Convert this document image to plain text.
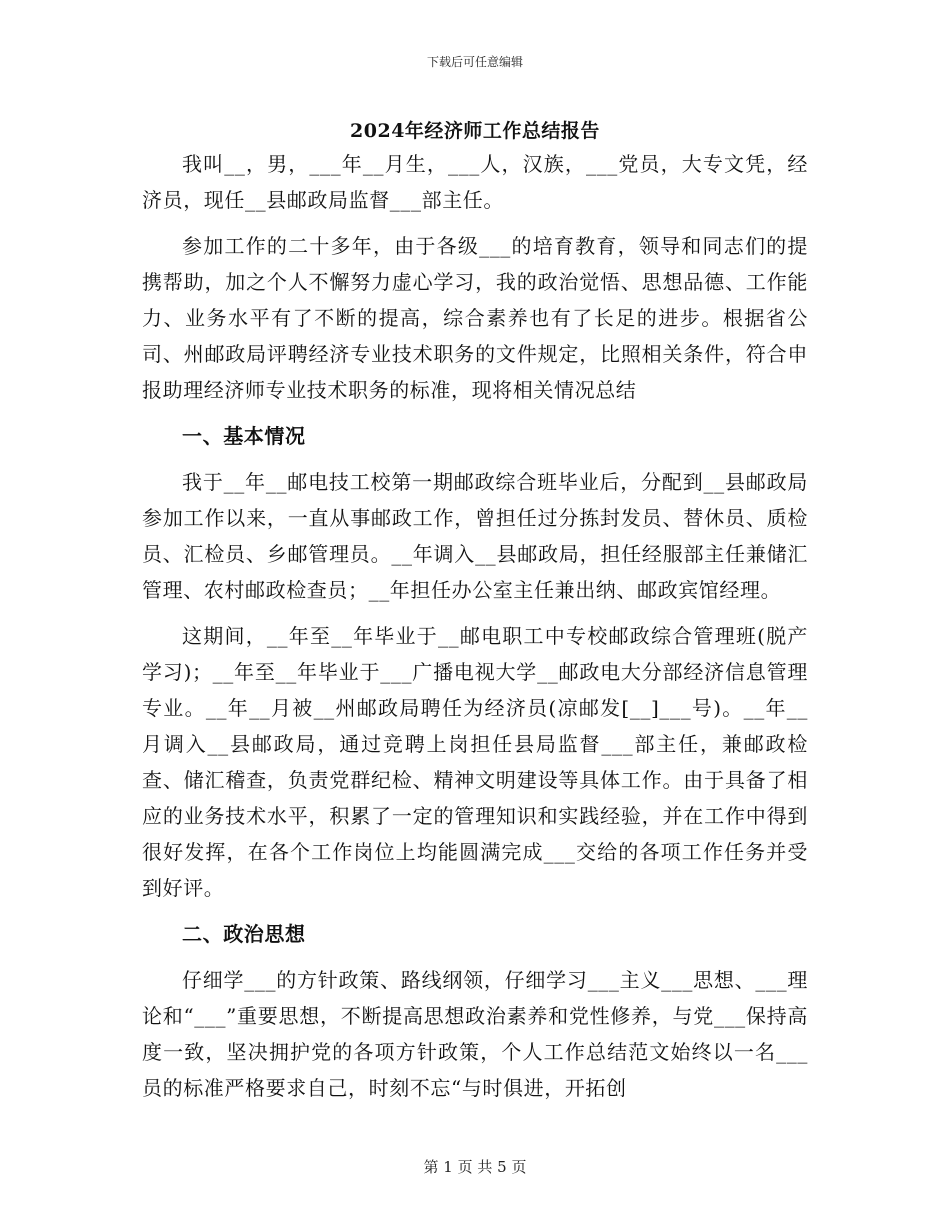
下载后可任意编辑
2024年经济师工作总结报告

我叫__，男，___年__月生，___人，汉族，___党员，大专文凭，经济员，现任__县邮政局监督___部主任。

参加工作的二十多年，由于各级___的培育教育，领导和同志们的提携帮助，加之个人不懈努力虚心学习，我的政治觉悟、思想品德、工作能力、业务水平有了不断的提高，综合素养也有了长足的进步。根据省公司、州邮政局评聘经济专业技术职务的文件规定，比照相关条件，符合申报助理经济师专业技术职务的标准，现将相关情况总结

一、基本情况

我于__年__邮电技工校第一期邮政综合班毕业后，分配到__县邮政局参加工作以来，一直从事邮政工作，曾担任过分拣封发员、替休员、质检员、汇检员、乡邮管理员。__年调入__县邮政局，担任经服部主任兼储汇管理、农村邮政检查员；__年担任办公室主任兼出纳、邮政宾馆经理。

这期间，__年至__年毕业于__邮电职工中专校邮政综合管理班(脱产学习)；__年至__年毕业于___广播电视大学__邮政电大分部经济信息管理专业。__年__月被__州邮政局聘任为经济员(凉邮发[__]___号)。__年__月调入__县邮政局，通过竞聘上岗担任县局监督___部主任，兼邮政检查、储汇稽查，负责党群纪检、精神文明建设等具体工作。由于具备了相应的业务技术水平，积累了一定的管理知识和实践经验，并在工作中得到很好发挥，在各个工作岗位上均能圆满完成___交给的各项工作任务并受到好评。

二、政治思想

仔细学___的方针政策、路线纲领，仔细学习___主义___思想、___理论和“___”重要思想，不断提高思想政治素养和党性修养，与党___保持高度一致，坚决拥护党的各项方针政策，个人工作总结范文始终以一名___员的标准严格要求自己，时刻不忘“与时俱进，开拓创

第 1 页 共 5 页
